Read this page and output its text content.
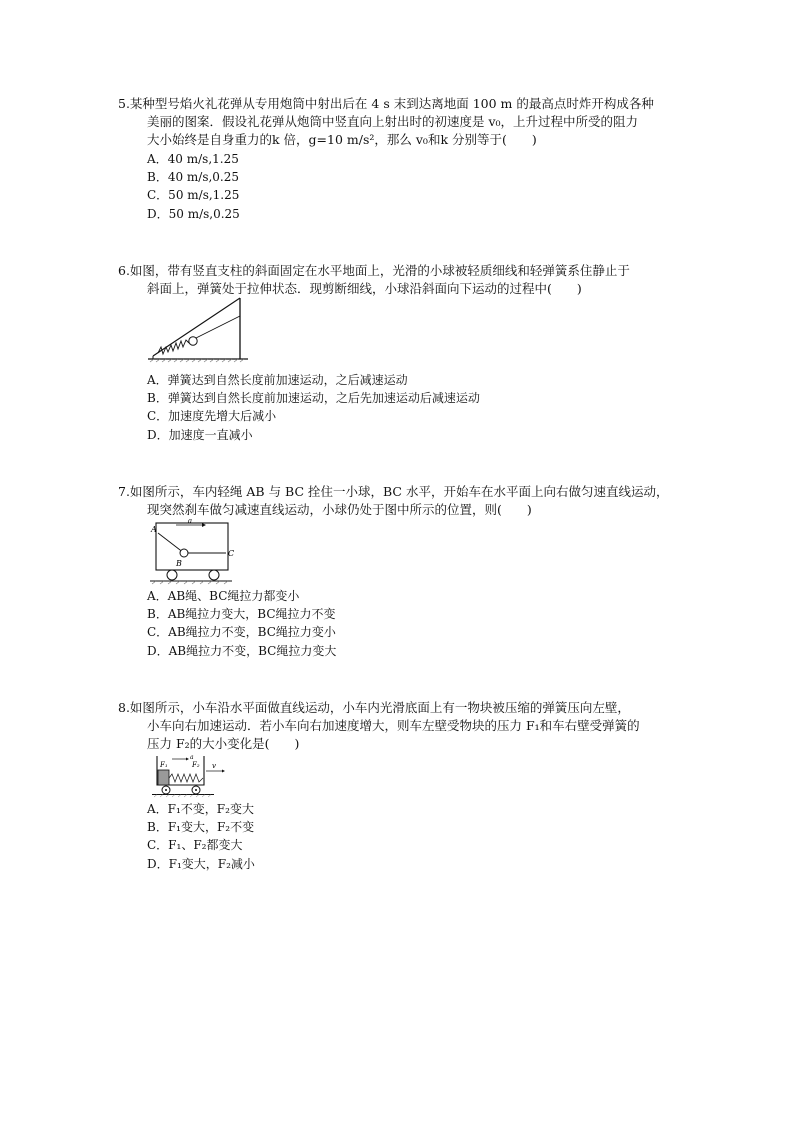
5.某种型号焰火礼花弹从专用炮筒中射出后在 4 s 末到达离地面 100 m 的最高点时炸开构成各种
美丽的图案．假设礼花弹从炮筒中竖直向上射出时的初速度是 v₀，上升过程中所受的阻力
大小始终是自身重力的k 倍，g=10 m/s²，那么 v₀和k 分别等于(　　)
A．40 m/s,1.25
B．40 m/s,0.25
C．50 m/s,1.25
D．50 m/s,0.25
6.如图，带有竖直支柱的斜面固定在水平地面上，光滑的小球被轻质细线和轻弹簧系住静止于
斜面上，弹簧处于拉伸状态．现剪断细线，小球沿斜面向下运动的过程中(　　)
A．弹簧达到自然长度前加速运动，之后减速运动
B．弹簧达到自然长度前加速运动，之后先加速运动后减速运动
C．加速度先增大后减小
D．加速度一直减小
7.如图所示，车内轻绳 AB 与 BC 拴住一小球，BC 水平，开始车在水平面上向右做匀速直线运动，
现突然刹车做匀减速直线运动，小球仍处于图中所示的位置，则(　　)
a
A
B
C
A．AB绳、BC绳拉力都变小
B．AB绳拉力变大，BC绳拉力不变
C．AB绳拉力不变，BC绳拉力变小
D．AB绳拉力不变，BC绳拉力变大
8.如图所示，小车沿水平面做直线运动，小车内光滑底面上有一物块被压缩的弹簧压向左壁，
小车向右加速运动．若小车向右加速度增大，则车左壁受物块的压力 F₁和车右壁受弹簧的
压力 F₂的大小变化是(　　)
F₁	F₂
a
v
A．F₁不变，F₂变大
B．F₁变大，F₂不变
C．F₁、F₂都变大
D．F₁变大，F₂减小
